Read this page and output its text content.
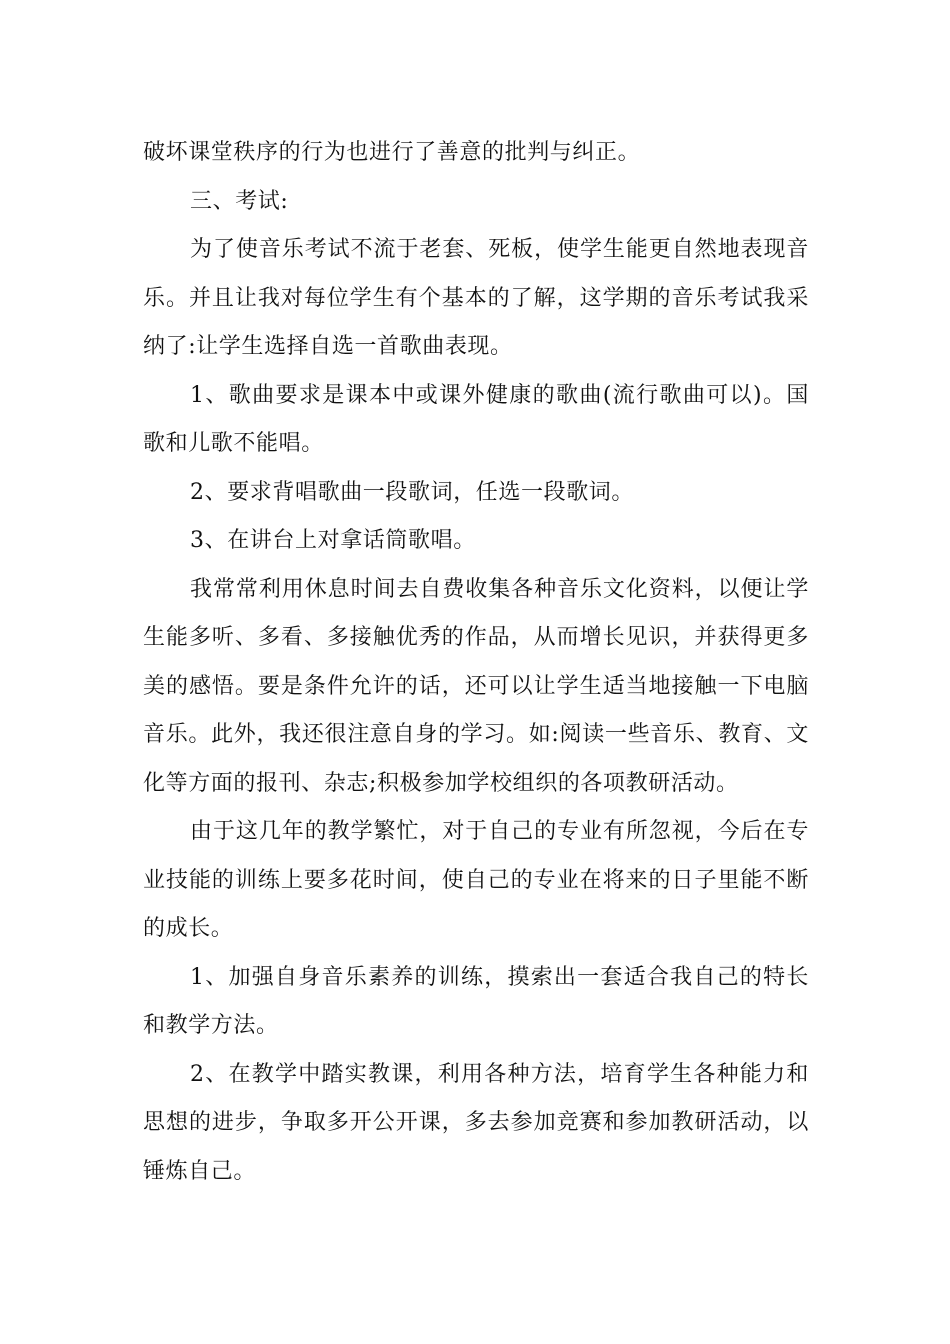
破坏课堂秩序的行为也进行了善意的批判与纠正。

三、考试:

为了使音乐考试不流于老套、死板，使学生能更自然地表现音乐。并且让我对每位学生有个基本的了解，这学期的音乐考试我采纳了:让学生选择自选一首歌曲表现。

1、歌曲要求是课本中或课外健康的歌曲(流行歌曲可以)。国歌和儿歌不能唱。

2、要求背唱歌曲一段歌词，任选一段歌词。

3、在讲台上对拿话筒歌唱。

我常常利用休息时间去自费收集各种音乐文化资料，以便让学生能多听、多看、多接触优秀的作品，从而增长见识，并获得更多美的感悟。要是条件允许的话，还可以让学生适当地接触一下电脑音乐。此外，我还很注意自身的学习。如:阅读一些音乐、教育、文化等方面的报刊、杂志;积极参加学校组织的各项教研活动。

由于这几年的教学繁忙，对于自己的专业有所忽视，今后在专业技能的训练上要多花时间，使自己的专业在将来的日子里能不断的成长。

1、加强自身音乐素养的训练，摸索出一套适合我自己的特长和教学方法。

2、在教学中踏实教课，利用各种方法，培育学生各种能力和思想的进步，争取多开公开课，多去参加竞赛和参加教研活动，以锤炼自己。
